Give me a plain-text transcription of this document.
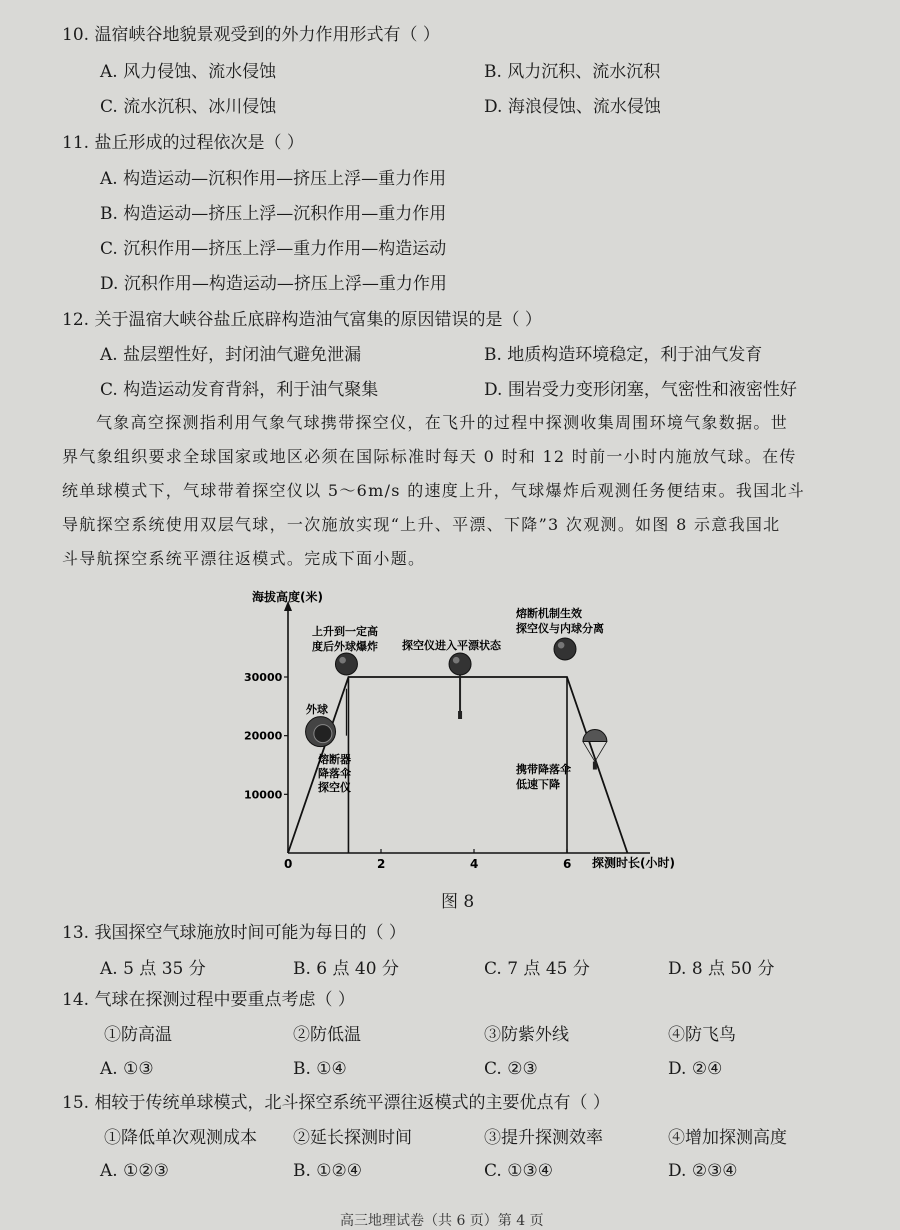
10. 温宿峡谷地貌景观受到的外力作用形式有（ ）
A. 风力侵蚀、流水侵蚀	B. 风力沉积、流水沉积
C. 流水沉积、冰川侵蚀	D. 海浪侵蚀、流水侵蚀
11. 盐丘形成的过程依次是（ ）
A. 构造运动—沉积作用—挤压上浮—重力作用
B. 构造运动—挤压上浮—沉积作用—重力作用
C. 沉积作用—挤压上浮—重力作用—构造运动
D. 沉积作用—构造运动—挤压上浮—重力作用
12. 关于温宿大峡谷盐丘底辟构造油气富集的原因错误的是（ ）
A. 盐层塑性好，封闭油气避免泄漏	B. 地质构造环境稳定，利于油气发育
C. 构造运动发育背斜，利于油气聚集	D. 围岩受力变形闭塞，气密性和液密性好

气象高空探测指利用气象气球携带探空仪，在飞升的过程中探测收集周围环境气象数据。世

界气象组织要求全球国家或地区必须在国际标准时每天 0 时和 12 时前一小时内施放气球。在传

统单球模式下，气球带着探空仪以 5～6m/s 的速度上升，气球爆炸后观测任务便结束。我国北斗

导航探空系统使用双层气球，一次施放实现“上升、平漂、下降”3 次观测。如图 8 示意我国北

斗导航探空系统平漂往返模式。完成下面小题。

0	2	4	6
10000
20000
30000
海拔高度(米)
探测时长(小时)
上升到一定高
度后外球爆炸 探空仪进入平漂状态
熔断机制生效
探空仪与内球分离
外球
熔断器
降落伞
探空仪
携带降落伞
低速下降
图 8
13. 我国探空气球施放时间可能为每日的（ ）
A. 5 点 35 分	B. 6 点 40 分	C. 7 点 45 分	D. 8 点 50 分
14. 气球在探测过程中要重点考虑（ ）
①防高温	②防低温	③防紫外线	④防飞鸟
A. ①③	B. ①④	C. ②③	D. ②④
15. 相较于传统单球模式，北斗探空系统平漂往返模式的主要优点有（ ）
①降低单次观测成本 ②延长探测时间	③提升探测效率	④增加探测高度
A. ①②③	B. ①②④	C. ①③④	D. ②③④
高三地理试卷（共 6 页）第 4 页
